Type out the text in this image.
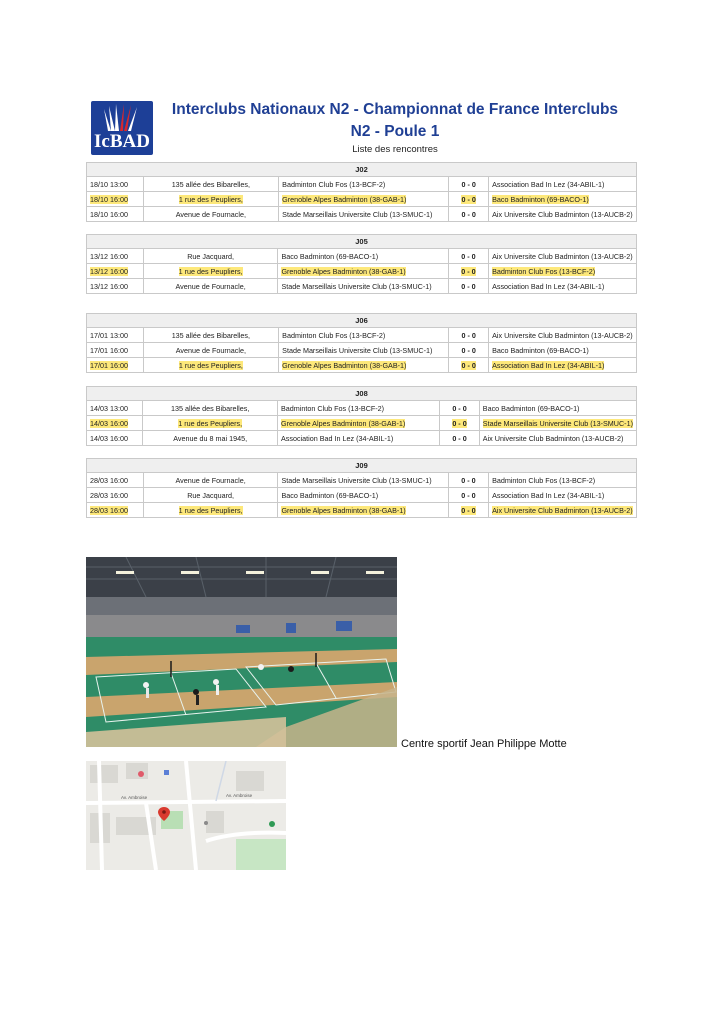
IcBAD
Interclubs Nationaux N2 - Championnat de France Interclubs
N2 - Poule 1
Liste des rencontres
J02				
18/10 13:00	135 allée des Bibarelles,	Badminton Club Fos (13-BCF-2)	0 - 0	Association Bad In Lez (34-ABIL-1)
18/10 16:00	1 rue des Peupliers,	Grenoble Alpes Badminton (38-GAB-1)	0 - 0	Baco Badminton (69-BACO-1)
18/10 16:00	Avenue de Fournacle,	Stade Marseillais Universite Club (13-SMUC-1)	0 - 0	Aix Universite Club Badminton (13-AUCB-2)
J05				
13/12 16:00	Rue Jacquard,	Baco Badminton (69-BACO-1)	0 - 0	Aix Universite Club Badminton (13-AUCB-2)
13/12 16:00	1 rue des Peupliers,	Grenoble Alpes Badminton (38-GAB-1)	0 - 0	Badminton Club Fos (13-BCF-2)
13/12 16:00	Avenue de Fournacle,	Stade Marseillais Universite Club (13-SMUC-1)	0 - 0	Association Bad In Lez (34-ABIL-1)
J06				
17/01 13:00	135 allée des Bibarelles,	Badminton Club Fos (13-BCF-2)	0 - 0	Aix Universite Club Badminton (13-AUCB-2)
17/01 16:00	Avenue de Fournacle,	Stade Marseillais Universite Club (13-SMUC-1)	0 - 0	Baco Badminton (69-BACO-1)
17/01 16:00	1 rue des Peupliers,	Grenoble Alpes Badminton (38-GAB-1)	0 - 0	Association Bad In Lez (34-ABIL-1)
J08				
14/03 13:00	135 allée des Bibarelles,	Badminton Club Fos (13-BCF-2)	0 - 0	Baco Badminton (69-BACO-1)
14/03 16:00	1 rue des Peupliers,	Grenoble Alpes Badminton (38-GAB-1)	0 - 0	Stade Marseillais Universite Club (13-SMUC-1)
14/03 16:00	Avenue du 8 mai 1945,	Association Bad In Lez (34-ABIL-1)	0 - 0	Aix Universite Club Badminton (13-AUCB-2)
J09				
28/03 16:00	Avenue de Fournacle,	Stade Marseillais Universite Club (13-SMUC-1)	0 - 0	Badminton Club Fos (13-BCF-2)
28/03 16:00	Rue Jacquard,	Baco Badminton (69-BACO-1)	0 - 0	Association Bad In Lez (34-ABIL-1)
28/03 16:00	1 rue des Peupliers,	Grenoble Alpes Badminton (38-GAB-1)	0 - 0	Aix Universite Club Badminton (13-AUCB-2)
Centre sportif Jean Philippe Motte
Av. Ambroise	Av. Ambroise
